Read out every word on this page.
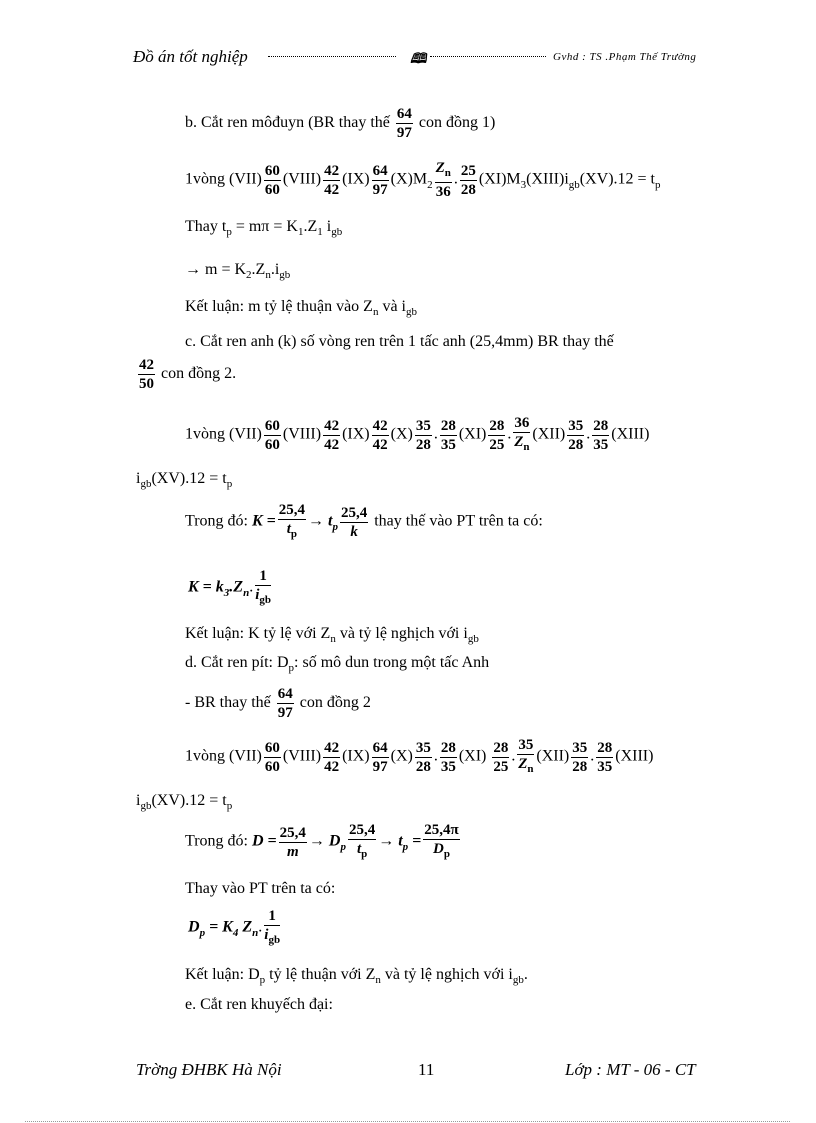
Đồ án tốt nghiệp	🕮	Gvhd : TS .Phạm Thế Trường
b. Cắt ren môđuyn (BR thay thế $\frac{64}{97}$ con đồng 1)
1vòng $(VII) \frac{60}{60}$ (VIII) $\frac{42}{42} (IX) \frac{64}{97} (X)M_2 \frac{Z_n}{36}$ . $\frac{25}{28}$ $(XI)M_3(XIII)i_{gb}(XV).12 = t_p$
Thay $t_p = m\pi = K_1.Z_1$ $i_{gb}$
→ $m = K_2.Z_n.i_{gb}$
Kết luận: m tỷ lệ thuận vào $Z_n$ và $i_{gb}$
c. Cắt ren anh (k) số vòng ren trên 1 tấc anh (25,4mm) BR thay thế
$\frac{42}{50}$ con đồng 2.
1vòng $(VII) \frac{60}{60}$ (VIII) $\frac{42}{42} (IX) \frac{42}{42} (X) \frac{35}{28}$ . $\frac{28}{35} (XI) \frac{28}{25}$ . $\frac{36}{Z_n} (XII) \frac{35}{28}$ . $\frac{28}{35}$ (XIII)
$i_{gb}(XV).12 = t_p$
Trong đó: $K = \frac{25,4}{t_p} \to t_p \frac{25,4}{k}$ thay thế vào PT trên ta có:
$K = k_3.Z_n$.
1
$i_{gb}$
Kết luận: K tỷ lệ với $Z_n$ và tỷ lệ nghịch với $i_{gb}$
d. Cắt ren pít: $D_p$: số mô dun trong một tấc Anh
- BR thay thế $\frac{64}{97}$ con đồng 2
1vòng $(VII) \frac{60}{60}$ (VIII) $\frac{42}{42} (IX) \frac{64}{97} (X) \frac{35}{28}$ . $\frac{28}{35} (XI) \frac{28}{25}$ . $\frac{35}{Z_n} (XII) \frac{35}{28}$ . $\frac{28}{35}$ (XIII)
$i_{gb}(XV).12 = t_p$
Trong đó: $D = \frac{25,4}{m} \to D_p \frac{25,4}{t_p} \to t_p = \frac{25,4\pi}{D_p}$
Thay vào PT trên ta có:
$D_p = K_4$ $Z_n$.
1
$i_{gb}$
Kết luận: $D_p$ tỷ lệ thuận với $Z_n$ và tỷ lệ nghịch với $i_{gb}$.
e. Cắt ren khuyếch đại:
Trờng ĐHBK Hà Nội	11	Lớp : MT - 06 - CT
